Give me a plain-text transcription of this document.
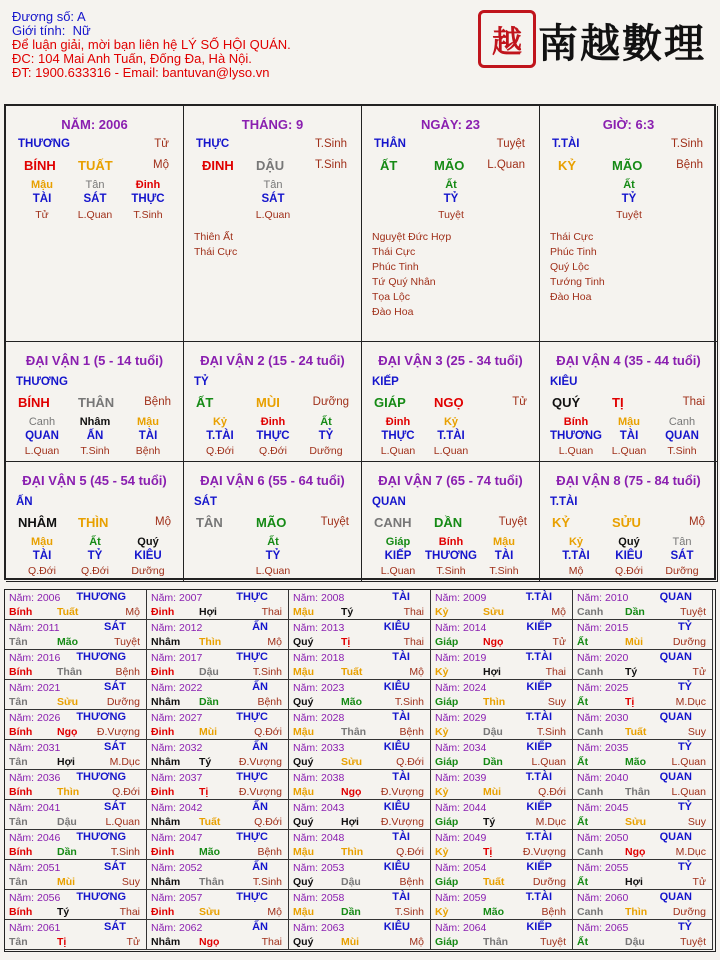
Đương số: A
Giới tính: Nữ
Để luận giải, mời bạn liên hệ LÝ SỐ HỘI QUÁN.
ĐC: 104 Mai Anh Tuấn, Đống Đa, Hà Nội.
ĐT: 1900.633316 - Email: bantuvan@lyso.vn
越 南越數理
NĂM: 2006
THƯƠNG	Tử
BÍNH TUẤT	Mộ
Mậu
TÀI
Tử
Tân
SÁT
L.Quan
Đinh
THỰC
T.Sinh
THÁNG: 9
THỰC	T.Sinh
ĐINH DẬU	T.Sinh
Tân
SÁT
L.Quan
Thiên Ất
Thái Cực
NGÀY: 23
THÂN	Tuyệt
ẤT	MÃO L.Quan
Ất
TỶ
Tuyệt
Nguyệt Đức Hợp
Thái Cực
Phúc Tinh
Tứ Quý Nhân
Tọa Lộc
Đào Hoa
GIỜ: 6:3
T.TÀI	T.Sinh
KỶ	MÃO	Bệnh
Ất
TỶ
Tuyệt
Thái Cực
Phúc Tinh
Quý Lộc
Tướng Tinh
Đào Hoa
ĐẠI VẬN 1 (5 - 14 tuổi)
THƯƠNG
BÍNH THÂN	Bệnh
Canh
QUAN
L.Quan
Nhâm
ẤN
T.Sinh
Mậu
TÀI
Bệnh
ĐẠI VẬN 2 (15 - 24 tuổi)
TỶ
ẤT	MÙI	Dưỡng
Kỷ
T.TÀI
Q.Đới
Đinh
THỰC
Q.Đới
Ất
TỶ
Dưỡng
ĐẠI VẬN 3 (25 - 34 tuổi)
KIẾP
GIÁP NGỌ	Tử
Đinh
THỰC
L.Quan
Kỷ
T.TÀI
L.Quan
ĐẠI VẬN 4 (35 - 44 tuổi)
KIÊU
QUÝ TỊ	Thai
Bính
THƯƠNG
L.Quan
Mậu
TÀI
L.Quan
Canh
QUAN
T.Sinh
ĐẠI VẬN 5 (45 - 54 tuổi)
ẤN
NHÂM THÌN	Mộ
Mậu
TÀI
Q.Đới
Ất
TỶ
Q.Đới
Quý
KIÊU
Dưỡng
ĐẠI VẬN 6 (55 - 64 tuổi)
SÁT
TÂN	MÃO	Tuyệt
Ất
TỶ
L.Quan
ĐẠI VẬN 7 (65 - 74 tuổi)
QUAN
CANH DẦN	Tuyệt
Giáp
KIẾP
L.Quan
Bính
THƯƠNG
T.Sinh
Mậu
TÀI
T.Sinh
ĐẠI VẬN 8 (75 - 84 tuổi)
T.TÀI
KỶ	SỬU	Mộ
Kỷ
T.TÀI
Mộ
Quý
KIÊU
Q.Đới
Tân
SÁT
Dưỡng
Năm: 2006 THƯƠNG
Bính Tuất	Mộ
Năm: 2007	THỰC
Đinh Hợi	Thai
Năm: 2008	TÀI
Mậu	Tý	Thai
Năm: 2009	T.TÀI
Kỷ	Sửu	Mộ
Năm: 2010	QUAN
Canh Dần	Tuyệt
Năm: 2011	SÁT
Tân	Mão	Tuyệt
Năm: 2012	ẤN
Nhâm Thìn	Mộ
Năm: 2013	KIÊU
Quý	Tị	Thai
Năm: 2014	KIẾP
Giáp Ngọ	Tử
Năm: 2015	TỶ
Ất	Mùi	Dưỡng
Năm: 2016 THƯƠNG
Bính Thân	Bệnh
Năm: 2017	THỰC
Đinh Dậu	T.Sinh
Năm: 2018	TÀI
Mậu	Tuất	Mộ
Năm: 2019	T.TÀI
Kỷ	Hợi	Thai
Năm: 2020	QUAN
Canh Tý	Tử
Năm: 2021	SÁT
Tân	Sửu	Dưỡng
Năm: 2022	ẤN
Nhâm Dần	Bệnh
Năm: 2023	KIÊU
Quý	Mão	T.Sinh
Năm: 2024	KIẾP
Giáp Thìn	Suy
Năm: 2025	TỶ
Ất	Tị	M.Dục
Năm: 2026 THƯƠNG
Bính Ngọ Đ.Vượng
Năm: 2027	THỰC
Đinh Mùi	Q.Đới
Năm: 2028	TÀI
Mậu	Thân	Bệnh
Năm: 2029	T.TÀI
Kỷ	Dậu	T.Sinh
Năm: 2030	QUAN
Canh Tuất	Suy
Năm: 2031	SÁT
Tân	Hợi	M.Dục
Năm: 2032	ẤN
Nhâm Tý	Đ.Vượng
Năm: 2033	KIÊU
Quý	Sửu	Q.Đới
Năm: 2034	KIẾP
Giáp Dần	L.Quan
Năm: 2035	TỶ
Ất	Mão L.Quan
Năm: 2036 THƯƠNG
Bính Thìn	Q.Đới
Năm: 2037	THỰC
Đinh Tị	Đ.Vượng
Năm: 2038	TÀI
Mậu	Ngọ Đ.Vượng
Năm: 2039	T.TÀI
Kỷ	Mùi	Q.Đới
Năm: 2040	QUAN
Canh Thân L.Quan
Năm: 2041	SÁT
Tân	Dậu	L.Quan
Năm: 2042	ẤN
Nhâm Tuất	Q.Đới
Năm: 2043	KIÊU
Quý	Hợi Đ.Vượng
Năm: 2044	KIẾP
Giáp Tý	M.Dục
Năm: 2045	TỶ
Ất	Sửu	Suy
Năm: 2046 THƯƠNG
Bính Dần	T.Sinh
Năm: 2047	THỰC
Đinh Mão	Bệnh
Năm: 2048	TÀI
Mậu	Thìn	Q.Đới
Năm: 2049	T.TÀI
Kỷ	Tị	Đ.Vượng
Năm: 2050	QUAN
Canh Ngọ	M.Dục
Năm: 2051	SÁT
Tân	Mùi	Suy
Năm: 2052	ẤN
Nhâm Thân	T.Sinh
Năm: 2053	KIÊU
Quý	Dậu	Bệnh
Năm: 2054	KIẾP
Giáp Tuất	Dưỡng
Năm: 2055	TỶ
Ất	Hợi	Tử
Năm: 2056 THƯƠNG
Bính Tý	Thai
Năm: 2057	THỰC
Đinh Sửu	Mộ
Năm: 2058	TÀI
Mậu	Dần	T.Sinh
Năm: 2059	T.TÀI
Kỷ	Mão	Bệnh
Năm: 2060	QUAN
Canh Thìn Dưỡng
Năm: 2061	SÁT
Tân	Tị	Tử
Năm: 2062	ẤN
Nhâm Ngọ	Thai
Năm: 2063	KIÊU
Quý	Mùi	Mộ
Năm: 2064	KIẾP
Giáp Thân	Tuyệt
Năm: 2065	TỶ
Ất	Dậu	Tuyệt
